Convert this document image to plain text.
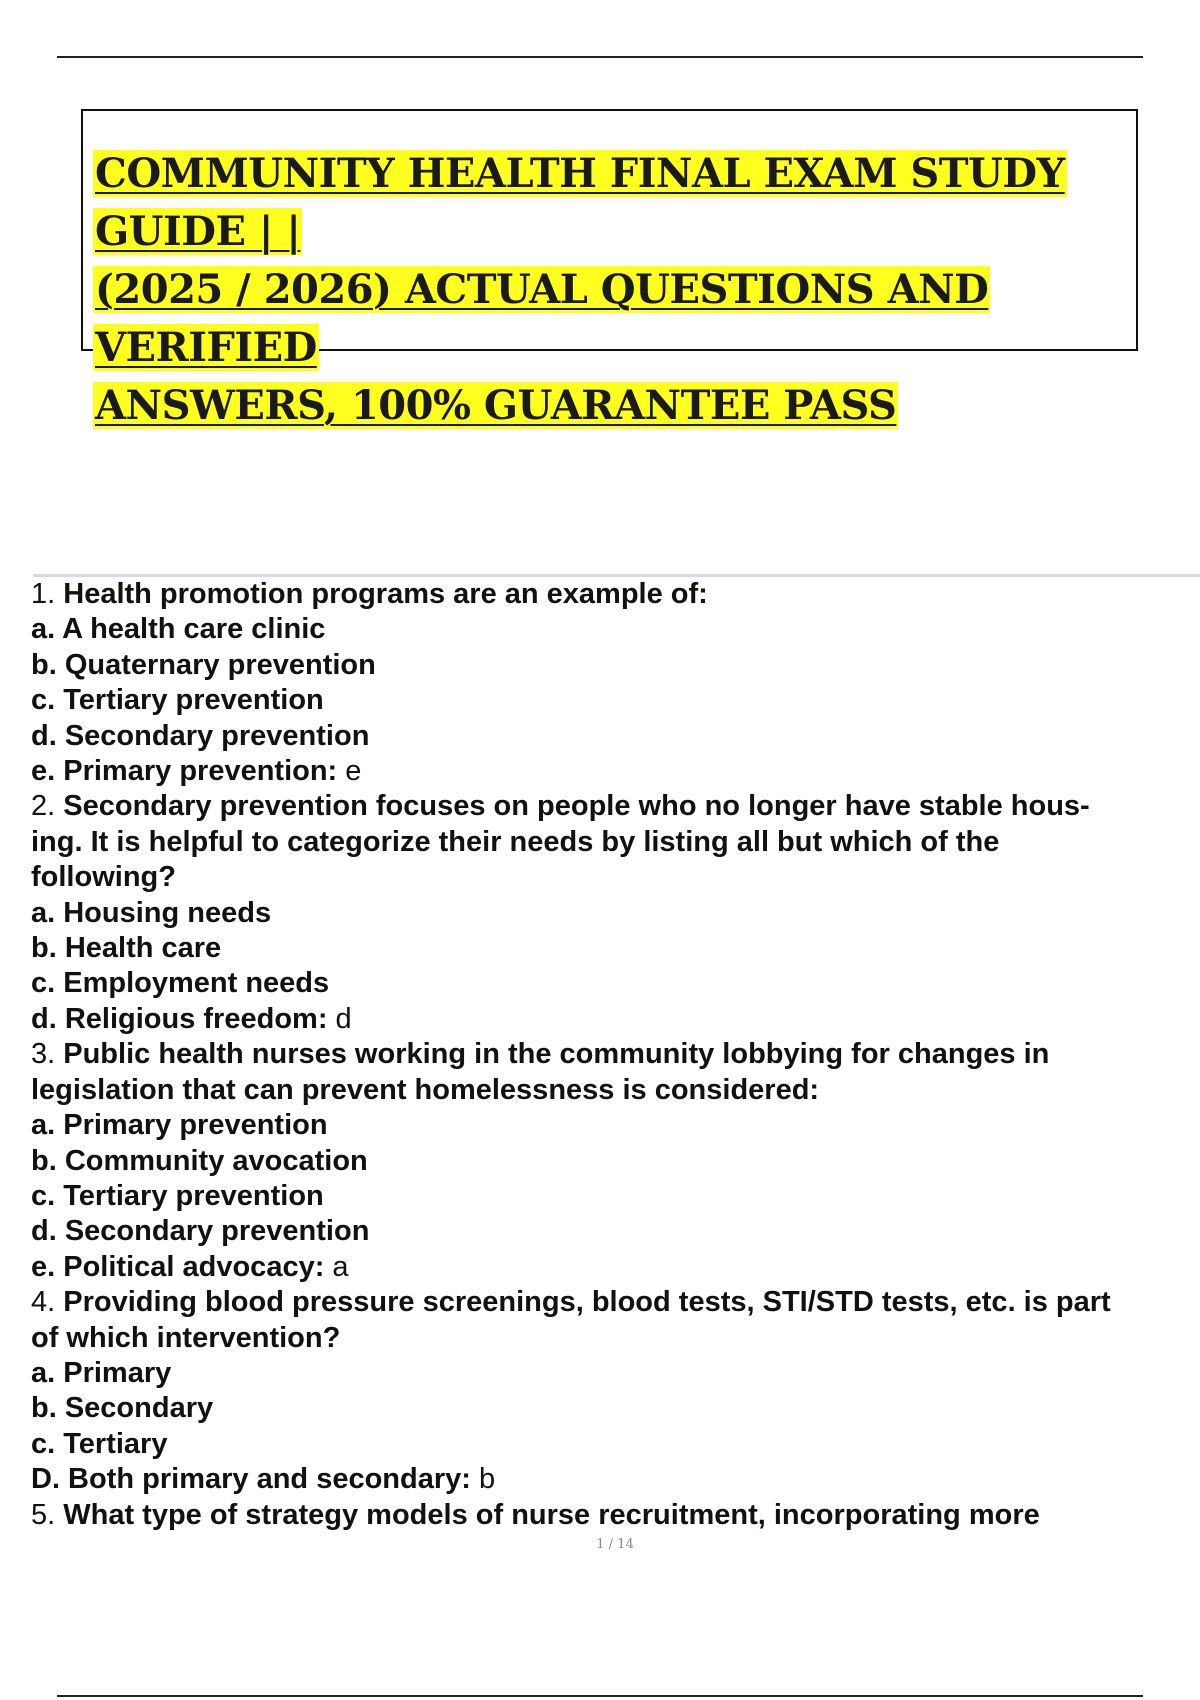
COMMUNITY HEALTH FINAL EXAM STUDY GUIDE | |
(2025 / 2026) ACTUAL QUESTIONS AND VERIFIED
ANSWERS, 100% GUARANTEE PASS
1. Health promotion programs are an example of:
a. A health care clinic
b. Quaternary prevention
c. Tertiary prevention
d. Secondary prevention
e. Primary prevention: e
2. Secondary prevention focuses on people who no longer have stable hous-
ing. It is helpful to categorize their needs by listing all but which of the
following?
a. Housing needs
b. Health care
c. Employment needs
d. Religious freedom: d
3. Public health nurses working in the community lobbying for changes in
legislation that can prevent homelessness is considered:
a. Primary prevention
b. Community avocation
c. Tertiary prevention
d. Secondary prevention
e. Political advocacy: a
4. Providing blood pressure screenings, blood tests, STI/STD tests, etc. is part
of which intervention?
a. Primary
b. Secondary
c. Tertiary
D. Both primary and secondary: b
5. What type of strategy models of nurse recruitment, incorporating more
1 / 14
